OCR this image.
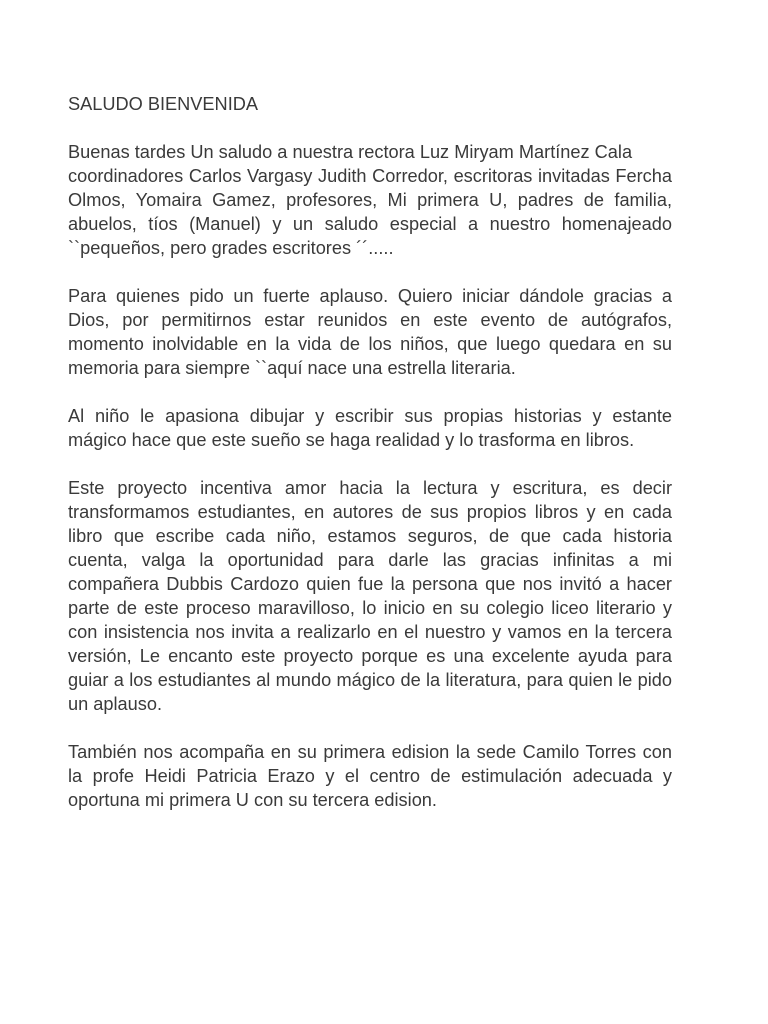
SALUDO BIENVENIDA

Buenas tardes Un saludo a nuestra rectora Luz Miryam Martínez Cala
coordinadores Carlos Vargasy Judith Corredor, escritoras invitadas Fercha Olmos, Yomaira Gamez, profesores, Mi primera U, padres de familia, abuelos, tíos (Manuel) y un saludo especial a nuestro homenajeado ``pequeños, pero grades escritores ´´.....

Para quienes pido un fuerte aplauso. Quiero iniciar dándole gracias a Dios, por permitirnos estar reunidos en este evento de autógrafos, momento inolvidable en la vida de los niños, que luego quedara en su memoria para siempre ``aquí nace una estrella literaria.

Al niño le apasiona dibujar y escribir sus propias historias y estante mágico hace que este sueño se haga realidad y lo trasforma en libros.

Este proyecto incentiva amor hacia la lectura y escritura, es decir transformamos estudiantes, en autores de sus propios libros y en cada libro que escribe cada niño, estamos seguros, de que cada historia cuenta, valga la oportunidad para darle las gracias infinitas a mi compañera Dubbis Cardozo quien fue la persona que nos invitó a hacer parte de este proceso maravilloso, lo inicio en su colegio liceo literario y con insistencia nos invita a realizarlo en el nuestro y vamos en la tercera versión, Le encanto este proyecto porque es una excelente ayuda para guiar a los estudiantes al mundo mágico de la literatura, para quien le pido un aplauso.

También nos acompaña en su primera edision la sede Camilo Torres con la profe Heidi Patricia Erazo y el centro de estimulación adecuada y oportuna mi primera U con su tercera edision.
